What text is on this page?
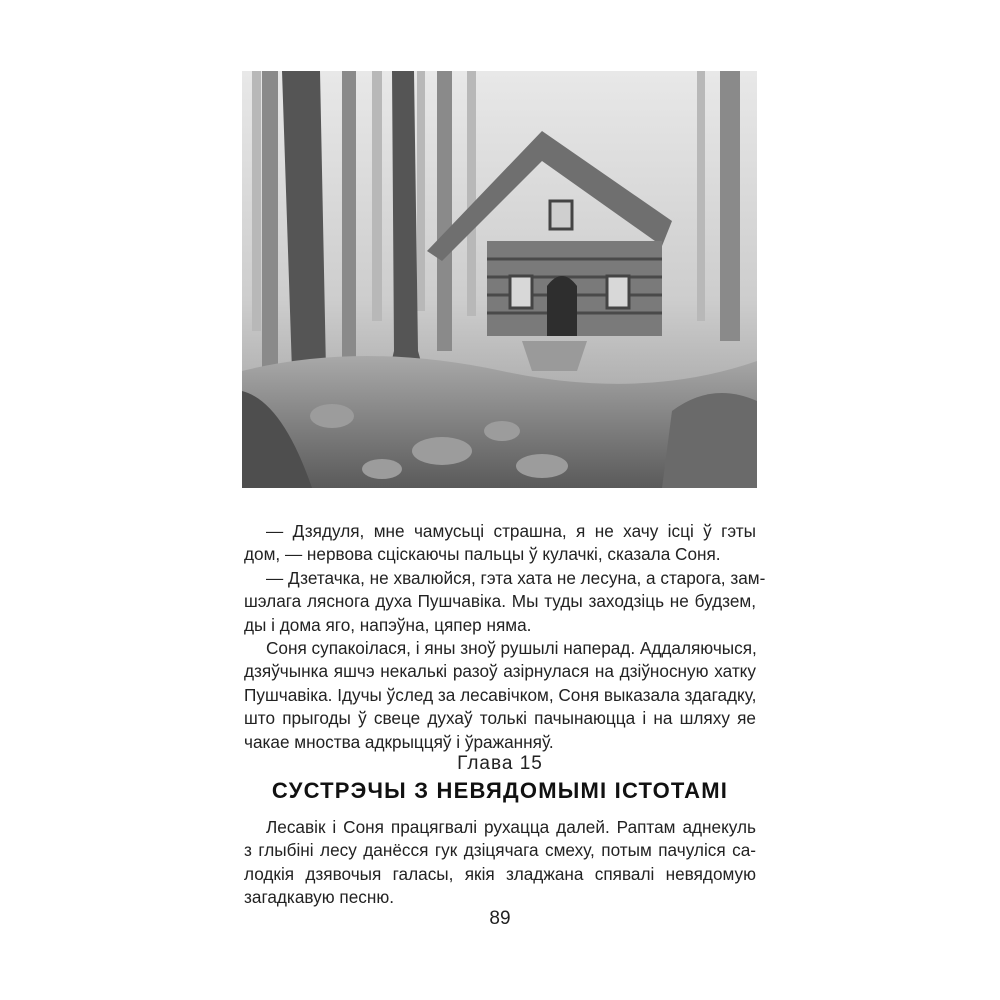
— Дзядуля, мне чамусьці страшна, я не хачу ісці ў гэты
дом, — нервова сціскаючы пальцы ў кулачкі, сказала Соня.

— Дзетачка, не хвалюйся, гэта хата не лесуна, а старога, зам-
шэлага ляснога духа Пушчавіка. Мы туды заходзіць не будзем,
ды і дома яго, напэўна, цяпер няма.

Соня супакоілася, і яны зноў рушылі наперад. Аддаляючыся,
дзяўчынка яшчэ некалькі разоў азірнулася на дзіўносную хатку
Пушчавіка. Ідучы ўслед за лесавічком, Соня выказала здагадку,
што прыгоды ў свеце духаў толькі пачынаюцца і на шляху яе
чакае мноства адкрыццяў і ўражанняў.

Глава 15
СУСТРЭЧЫ З НЕВЯДОМЫМІ ІСТОТАМІ

Лесавік і Соня працягвалі рухацца далей. Раптам аднекуль
з глыбіні лесу данёсся гук дзіцячага смеху, потым пачуліся са-
лодкія дзявочыя галасы, якія зладжана спявалі невядомую
загадкавую песню.

89
